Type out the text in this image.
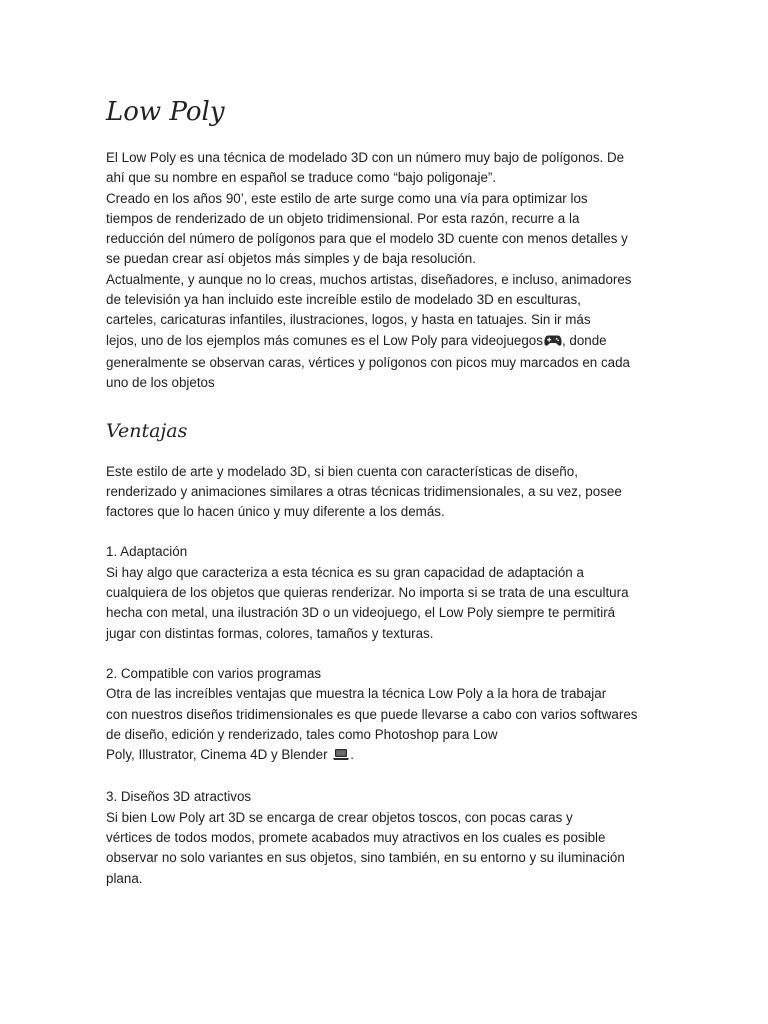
Low Poly
El Low Poly es una técnica de modelado 3D con un número muy bajo de polígonos. De
ahí que su nombre en español se traduce como “bajo poligonaje”.
Creado en los años 90’, este estilo de arte surge como una vía para optimizar los
tiempos de renderizado de un objeto tridimensional. Por esta razón, recurre a la
reducción del número de polígonos para que el modelo 3D cuente con menos detalles y
se puedan crear así objetos más simples y de baja resolución.
Actualmente, y aunque no lo creas, muchos artistas, diseñadores, e incluso, animadores
de televisión ya han incluido este increíble estilo de modelado 3D en esculturas,
carteles, caricaturas infantiles, ilustraciones, logos, y hasta en tatuajes. Sin ir más
lejos, uno de los ejemplos más comunes es el Low Poly para videojuegos , donde
generalmente se observan caras, vértices y polígonos con picos muy marcados en cada
uno de los objetos
Ventajas
Este estilo de arte y modelado 3D, si bien cuenta con características de diseño,
renderizado y animaciones similares a otras técnicas tridimensionales, a su vez, posee
factores que lo hacen único y muy diferente a los demás.
1. Adaptación
Si hay algo que caracteriza a esta técnica es su gran capacidad de adaptación a
cualquiera de los objetos que quieras renderizar. No importa si se trata de una escultura
hecha con metal, una ilustración 3D o un videojuego, el Low Poly siempre te permitirá
jugar con distintas formas, colores, tamaños y texturas.
2. Compatible con varios programas
Otra de las increíbles ventajas que muestra la técnica Low Poly a la hora de trabajar
con nuestros diseños tridimensionales es que puede llevarse a cabo con varios softwares
de diseño, edición y renderizado, tales como Photoshop para Low
Poly, Illustrator, Cinema 4D y Blender .
3. Diseños 3D atractivos
Si bien Low Poly art 3D se encarga de crear objetos toscos, con pocas caras y
vértices de todos modos, promete acabados muy atractivos en los cuales es posible
observar no solo variantes en sus objetos, sino también, en su entorno y su iluminación
plana.
